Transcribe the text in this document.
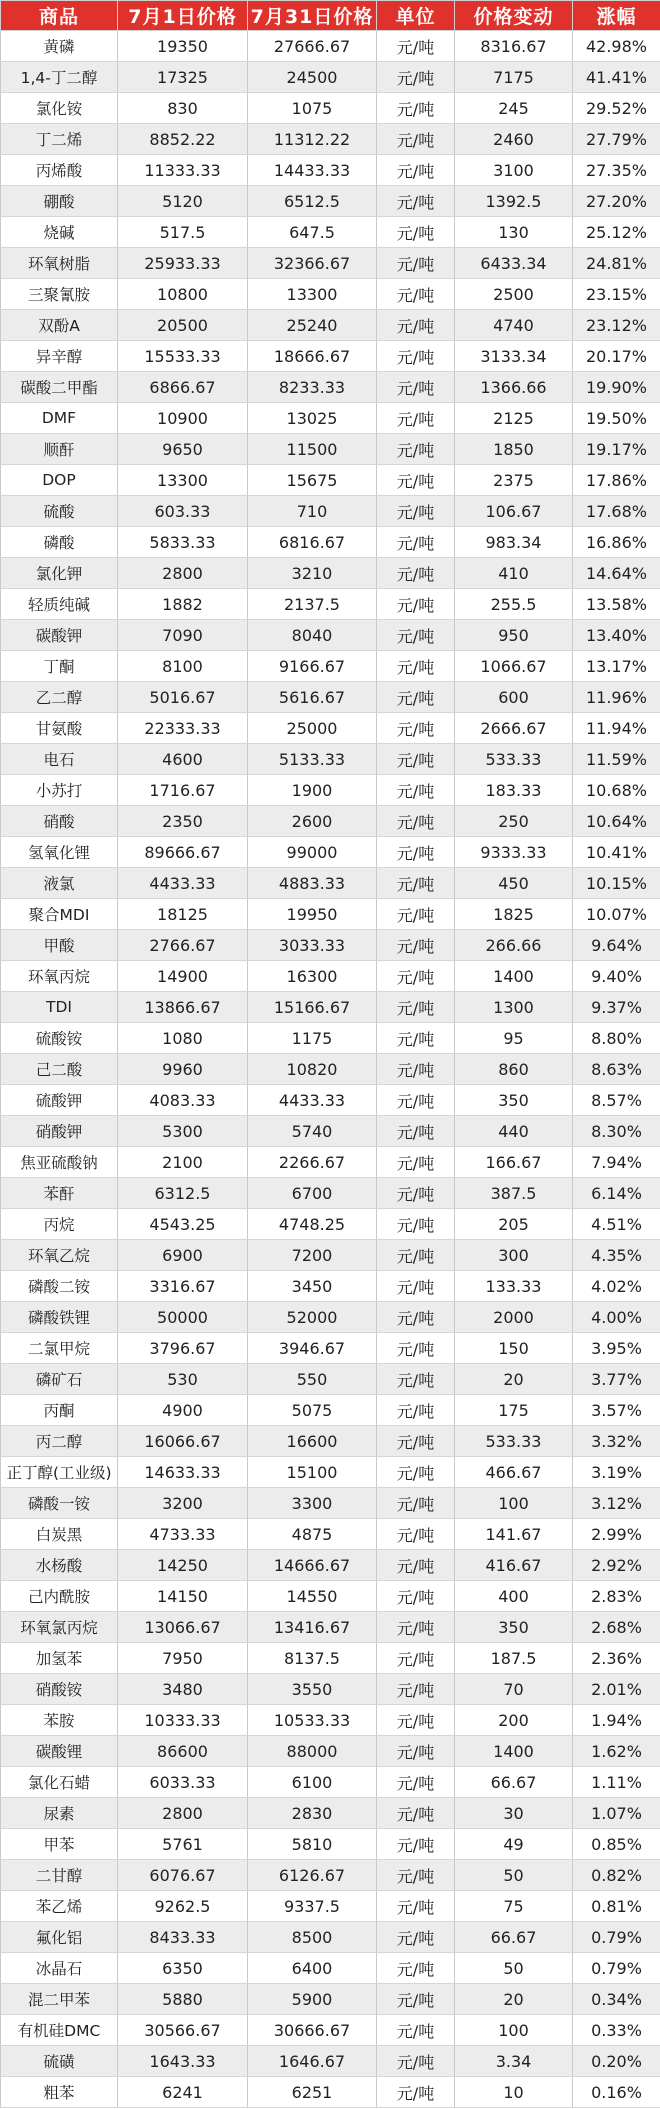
商品	7月1日价格	7月31日价格	单位	价格变动	涨幅
黄磷	19350	27666.67	元/吨	8316.67	42.98%
1,4-丁二醇	17325	24500	元/吨	7175	41.41%
氯化铵	830	1075	元/吨	245	29.52%
丁二烯	8852.22	11312.22	元/吨	2460	27.79%
丙烯酸	11333.33	14433.33	元/吨	3100	27.35%
硼酸	5120	6512.5	元/吨	1392.5	27.20%
烧碱	517.5	647.5	元/吨	130	25.12%
环氧树脂	25933.33	32366.67	元/吨	6433.34	24.81%
三聚氰胺	10800	13300	元/吨	2500	23.15%
双酚A	20500	25240	元/吨	4740	23.12%
异辛醇	15533.33	18666.67	元/吨	3133.34	20.17%
碳酸二甲酯	6866.67	8233.33	元/吨	1366.66	19.90%
DMF	10900	13025	元/吨	2125	19.50%
顺酐	9650	11500	元/吨	1850	19.17%
DOP	13300	15675	元/吨	2375	17.86%
硫酸	603.33	710	元/吨	106.67	17.68%
磷酸	5833.33	6816.67	元/吨	983.34	16.86%
氯化钾	2800	3210	元/吨	410	14.64%
轻质纯碱	1882	2137.5	元/吨	255.5	13.58%
碳酸钾	7090	8040	元/吨	950	13.40%
丁酮	8100	9166.67	元/吨	1066.67	13.17%
乙二醇	5016.67	5616.67	元/吨	600	11.96%
甘氨酸	22333.33	25000	元/吨	2666.67	11.94%
电石	4600	5133.33	元/吨	533.33	11.59%
小苏打	1716.67	1900	元/吨	183.33	10.68%
硝酸	2350	2600	元/吨	250	10.64%
氢氧化锂	89666.67	99000	元/吨	9333.33	10.41%
液氯	4433.33	4883.33	元/吨	450	10.15%
聚合MDI	18125	19950	元/吨	1825	10.07%
甲酸	2766.67	3033.33	元/吨	266.66	9.64%
环氧丙烷	14900	16300	元/吨	1400	9.40%
TDI	13866.67	15166.67	元/吨	1300	9.37%
硫酸铵	1080	1175	元/吨	95	8.80%
己二酸	9960	10820	元/吨	860	8.63%
硫酸钾	4083.33	4433.33	元/吨	350	8.57%
硝酸钾	5300	5740	元/吨	440	8.30%
焦亚硫酸钠	2100	2266.67	元/吨	166.67	7.94%
苯酐	6312.5	6700	元/吨	387.5	6.14%
丙烷	4543.25	4748.25	元/吨	205	4.51%
环氧乙烷	6900	7200	元/吨	300	4.35%
磷酸二铵	3316.67	3450	元/吨	133.33	4.02%
磷酸铁锂	50000	52000	元/吨	2000	4.00%
二氯甲烷	3796.67	3946.67	元/吨	150	3.95%
磷矿石	530	550	元/吨	20	3.77%
丙酮	4900	5075	元/吨	175	3.57%
丙二醇	16066.67	16600	元/吨	533.33	3.32%
正丁醇(工业级)	14633.33	15100	元/吨	466.67	3.19%
磷酸一铵	3200	3300	元/吨	100	3.12%
白炭黑	4733.33	4875	元/吨	141.67	2.99%
水杨酸	14250	14666.67	元/吨	416.67	2.92%
己内酰胺	14150	14550	元/吨	400	2.83%
环氧氯丙烷	13066.67	13416.67	元/吨	350	2.68%
加氢苯	7950	8137.5	元/吨	187.5	2.36%
硝酸铵	3480	3550	元/吨	70	2.01%
苯胺	10333.33	10533.33	元/吨	200	1.94%
碳酸锂	86600	88000	元/吨	1400	1.62%
氯化石蜡	6033.33	6100	元/吨	66.67	1.11%
尿素	2800	2830	元/吨	30	1.07%
甲苯	5761	5810	元/吨	49	0.85%
二甘醇	6076.67	6126.67	元/吨	50	0.82%
苯乙烯	9262.5	9337.5	元/吨	75	0.81%
氟化铝	8433.33	8500	元/吨	66.67	0.79%
冰晶石	6350	6400	元/吨	50	0.79%
混二甲苯	5880	5900	元/吨	20	0.34%
有机硅DMC	30566.67	30666.67	元/吨	100	0.33%
硫磺	1643.33	1646.67	元/吨	3.34	0.20%
粗苯	6241	6251	元/吨	10	0.16%
